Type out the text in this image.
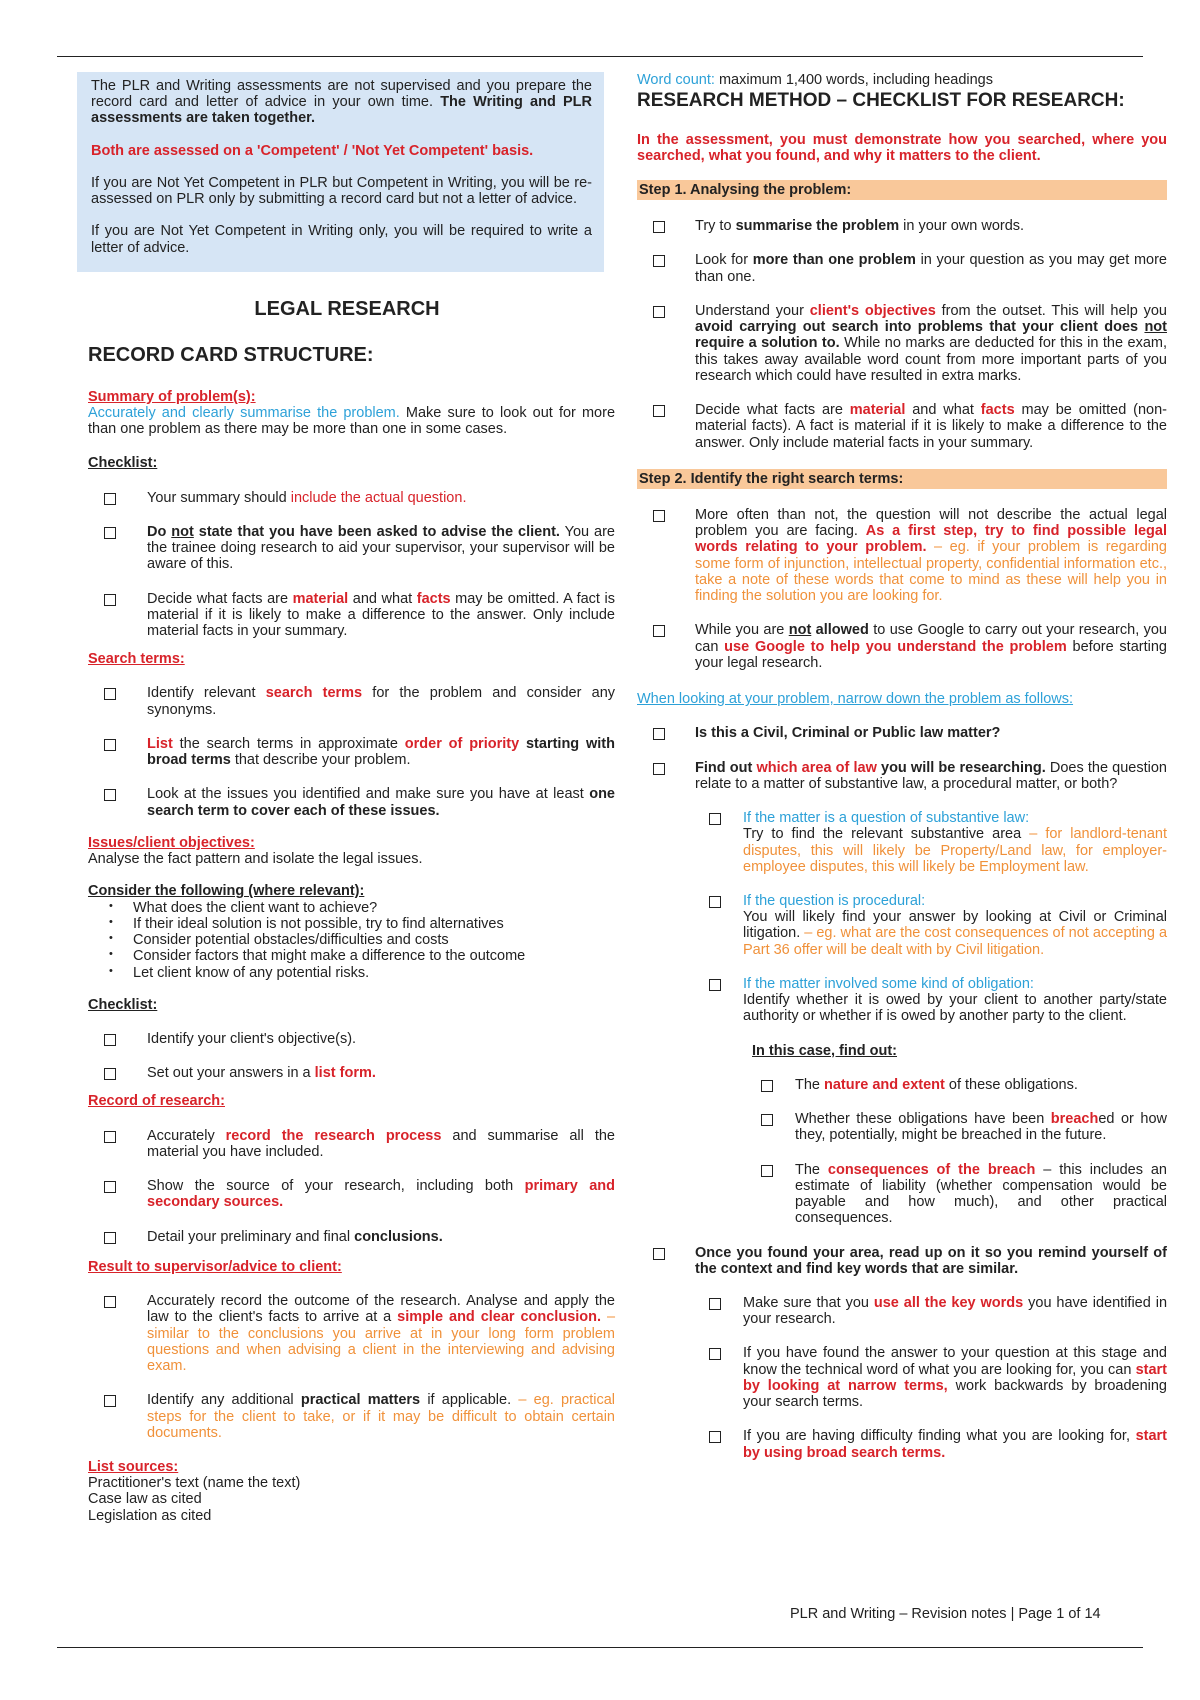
The PLR and Writing assessments are not supervised and you prepare the record card and letter of advice in your own time. The Writing and PLR assessments are taken together.

Both are assessed on a 'Competent' / 'Not Yet Competent' basis.

If you are Not Yet Competent in PLR but Competent in Writing, you will be re-assessed on PLR only by submitting a record card but not a letter of advice.

If you are Not Yet Competent in Writing only, you will be required to write a letter of advice.

LEGAL RESEARCH
RECORD CARD STRUCTURE:
Summary of problem(s):
Accurately and clearly summarise the problem. Make sure to look out for more than one problem as there may be more than one in some cases.
Checklist:
Your summary should include the actual question.
Do not state that you have been asked to advise the client. You are the trainee doing research to aid your supervisor, your supervisor will be aware of this.
Decide what facts are material and what facts may be omitted. A fact is material if it is likely to make a difference to the answer. Only include material facts in your summary.
Search terms:
Identify relevant search terms for the problem and consider any synonyms.
List the search terms in approximate order of priority starting with broad terms that describe your problem.
Look at the issues you identified and make sure you have at least one search term to cover each of these issues.
Issues/client objectives:
Analyse the fact pattern and isolate the legal issues.
Consider the following (where relevant):
• What does the client want to achieve?
• If their ideal solution is not possible, try to find alternatives
• Consider potential obstacles/difficulties and costs
• Consider factors that might make a difference to the outcome
• Let client know of any potential risks.
Checklist:
Identify your client's objective(s).
Set out your answers in a list form.
Record of research:
Accurately record the research process and summarise all the material you have included.
Show the source of your research, including both primary and secondary sources.
Detail your preliminary and final conclusions.
Result to supervisor/advice to client:
Accurately record the outcome of the research. Analyse and apply the law to the client's facts to arrive at a simple and clear conclusion. – similar to the conclusions you arrive at in your long form problem questions and when advising a client in the interviewing and advising exam.
Identify any additional practical matters if applicable. – eg. practical steps for the client to take, or if it may be difficult to obtain certain documents.
List sources:
Practitioner's text (name the text)
Case law as cited
Legislation as cited
Word count: maximum 1,400 words, including headings
RESEARCH METHOD – CHECKLIST FOR RESEARCH:
In the assessment, you must demonstrate how you searched, where you searched, what you found, and why it matters to the client.
Step 1. Analysing the problem:
Try to summarise the problem in your own words.
Look for more than one problem in your question as you may get more than one.
Understand your client's objectives from the outset. This will help you avoid carrying out search into problems that your client does not require a solution to. While no marks are deducted for this in the exam, this takes away available word count from more important parts of you research which could have resulted in extra marks.
Decide what facts are material and what facts may be omitted (non-material facts). A fact is material if it is likely to make a difference to the answer. Only include material facts in your summary.
Step 2. Identify the right search terms:
More often than not, the question will not describe the actual legal problem you are facing. As a first step, try to find possible legal words relating to your problem. – eg. if your problem is regarding some form of injunction, intellectual property, confidential information etc., take a note of these words that come to mind as these will help you in finding the solution you are looking for.
While you are not allowed to use Google to carry out your research, you can use Google to help you understand the problem before starting your legal research.
When looking at your problem, narrow down the problem as follows:
Is this a Civil, Criminal or Public law matter?
Find out which area of law you will be researching. Does the question relate to a matter of substantive law, a procedural matter, or both?
If the matter is a question of substantive law:
Try to find the relevant substantive area – for landlord-tenant disputes, this will likely be Property/Land law, for employer-employee disputes, this will likely be Employment law.
If the question is procedural:
You will likely find your answer by looking at Civil or Criminal litigation. – eg. what are the cost consequences of not accepting a Part 36 offer will be dealt with by Civil litigation.
If the matter involved some kind of obligation:
Identify whether it is owed by your client to another party/state authority or whether if is owed by another party to the client.
In this case, find out:
The nature and extent of these obligations.
Whether these obligations have been breached or how they, potentially, might be breached in the future.
The consequences of the breach – this includes an estimate of liability (whether compensation would be payable and how much), and other practical consequences.
Once you found your area, read up on it so you remind yourself of the context and find key words that are similar.
Make sure that you use all the key words you have identified in your research.
If you have found the answer to your question at this stage and know the technical word of what you are looking for, you can start by looking at narrow terms, work backwards by broadening your search terms.
If you are having difficulty finding what you are looking for, start by using broad search terms.
PLR and Writing – Revision notes | Page 1 of 14
